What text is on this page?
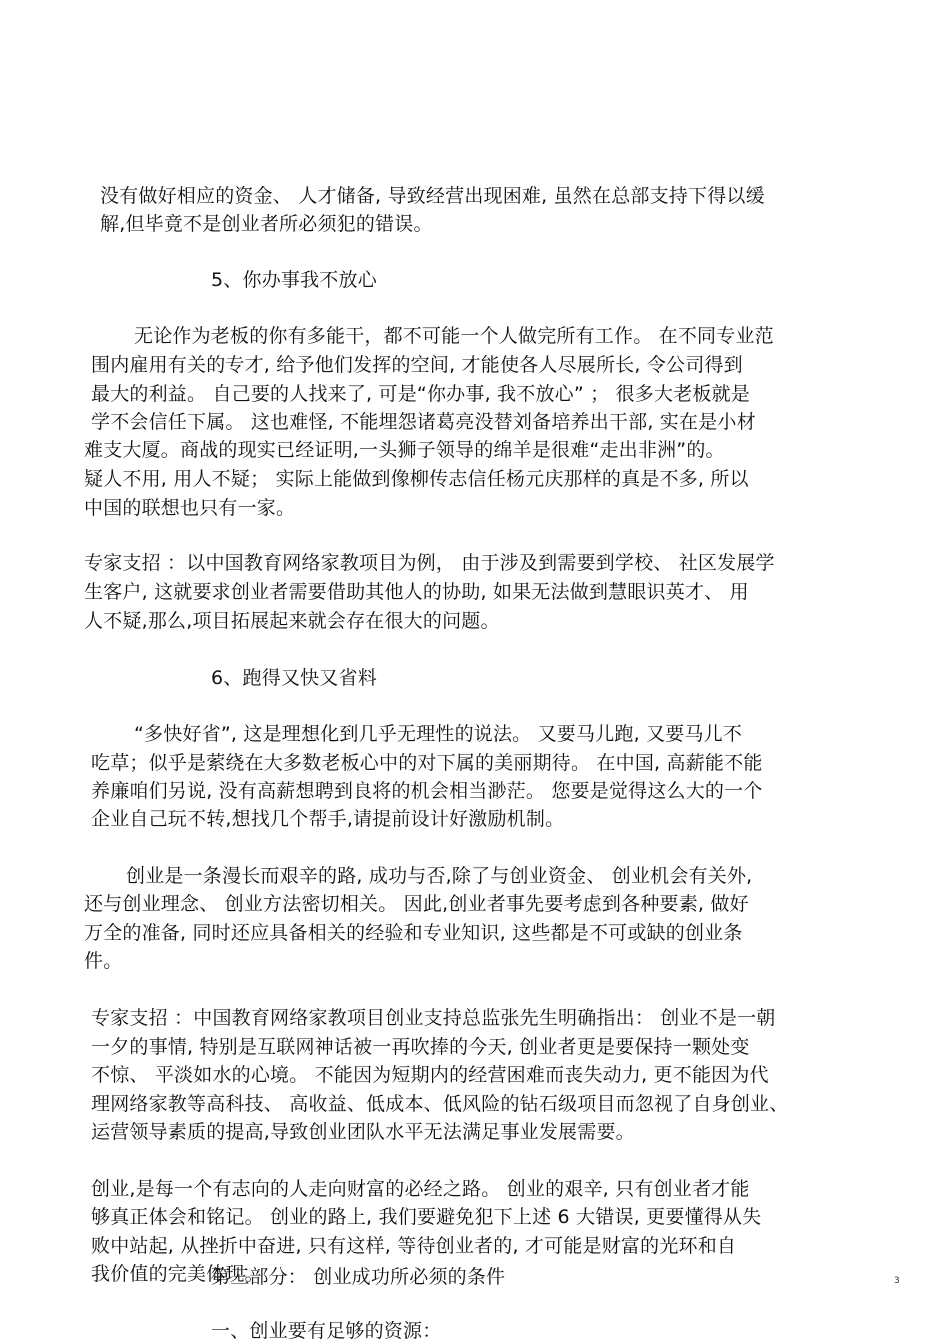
没有做好相应的资金、 人才储备, 导致经营出现困难, 虽然在总部支持下得以缓
解,但毕竟不是创业者所必须犯的错误。
5、你办事我不放心
无论作为老板的你有多能干，都不可能一个人做完所有工作。 在不同专业范
围内雇用有关的专才, 给予他们发挥的空间, 才能使各人尽展所长, 令公司得到
最大的利益。 自己要的人找来了, 可是“你办事, 我不放心” ； 很多大老板就是
学不会信任下属。 这也难怪, 不能埋怨诸葛亮没替刘备培养出干部, 实在是小材
难支大厦。商战的现实已经证明,一头狮子领导的绵羊是很难“走出非洲”的。
疑人不用, 用人不疑； 实际上能做到像柳传志信任杨元庆那样的真是不多, 所以
中国的联想也只有一家。
专家支招 ：以中国教育网络家教项目为例， 由于涉及到需要到学校、 社区发展学
生客户, 这就要求创业者需要借助其他人的协助, 如果无法做到慧眼识英才、 用
人不疑,那么,项目拓展起来就会存在很大的问题。
6、跑得又快又省料
“多快好省”, 这是理想化到几乎无理性的说法。 又要马儿跑, 又要马儿不
吃草；似乎是萦绕在大多数老板心中的对下属的美丽期待。 在中国, 高薪能不能
养廉咱们另说, 没有高薪想聘到良将的机会相当渺茫。 您要是觉得这么大的一个
企业自己玩不转,想找几个帮手,请提前设计好激励机制。
创业是一条漫长而艰辛的路, 成功与否,除了与创业资金、 创业机会有关外,
还与创业理念、 创业方法密切相关。 因此,创业者事先要考虑到各种要素, 做好
万全的准备, 同时还应具备相关的经验和专业知识, 这些都是不可或缺的创业条
件。
专家支招 ：中国教育网络家教项目创业支持总监张先生明确指出： 创业不是一朝
一夕的事情, 特别是互联网神话被一再吹捧的今天, 创业者更是要保持一颗处变
不惊、 平淡如水的心境。 不能因为短期内的经营困难而丧失动力, 更不能因为代
理网络家教等高科技、 高收益、低成本、低风险的钻石级项目而忽视了自身创业、
运营领导素质的提高,导致创业团队水平无法满足事业发展需要。
创业,是每一个有志向的人走向财富的必经之路。 创业的艰辛, 只有创业者才能
够真正体会和铭记。 创业的路上, 我们要避免犯下上述 6 大错误, 更要懂得从失
败中站起, 从挫折中奋进, 只有这样, 等待创业者的, 才可能是财富的光环和自
我价值的完美体现。
第三部分： 创业成功所必须的条件
一、创业要有足够的资源：
3
